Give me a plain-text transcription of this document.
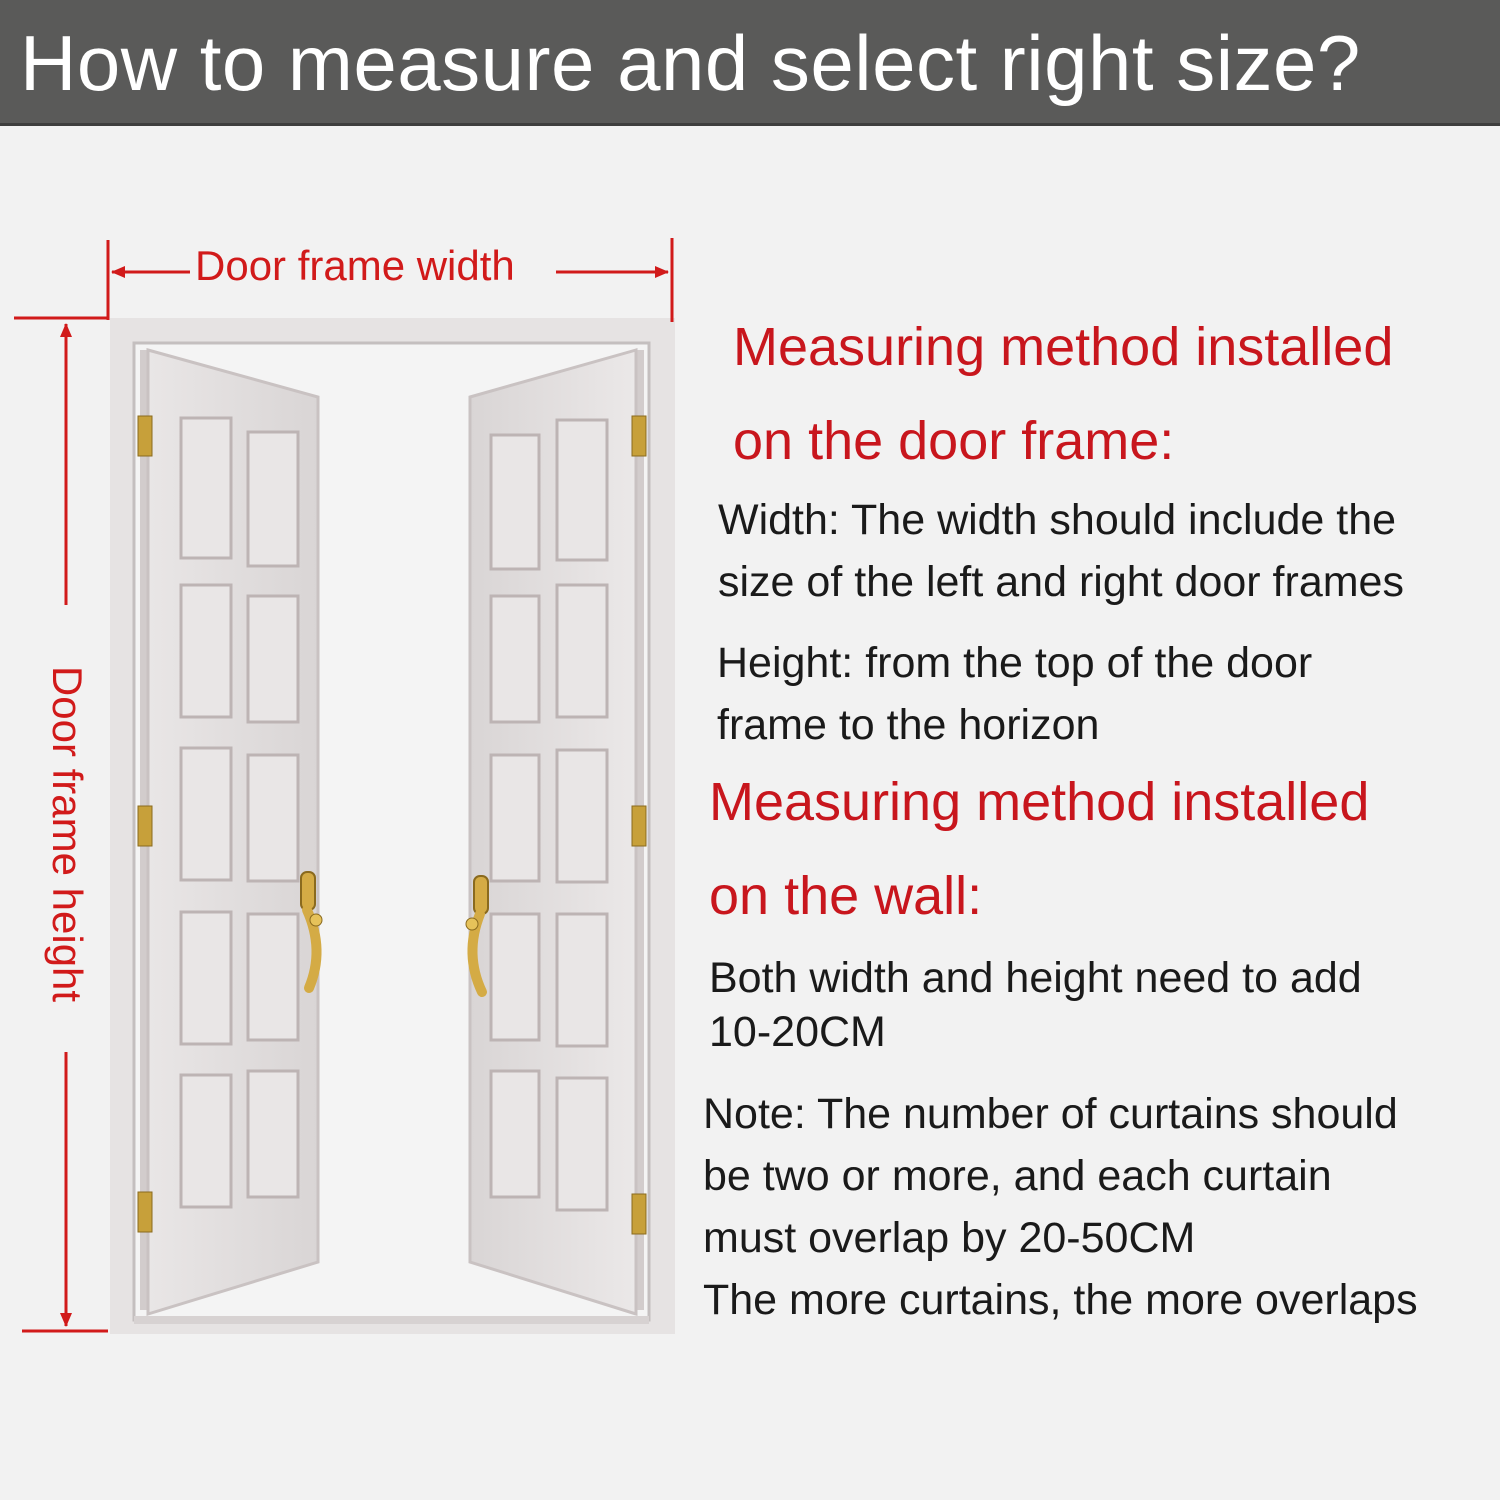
How to measure and select right size?
Door frame width
Door frame height
Measuring method installed
on the door frame:
Width: The width should include the
size of the left and right door frames
Height: from the top of the door
frame to the horizon
Measuring method installed
on the wall:
Both width and height need to add
10-20CM
Note: The number of curtains should
be two or more, and each curtain
must overlap by 20-50CM
The more curtains, the more overlaps
